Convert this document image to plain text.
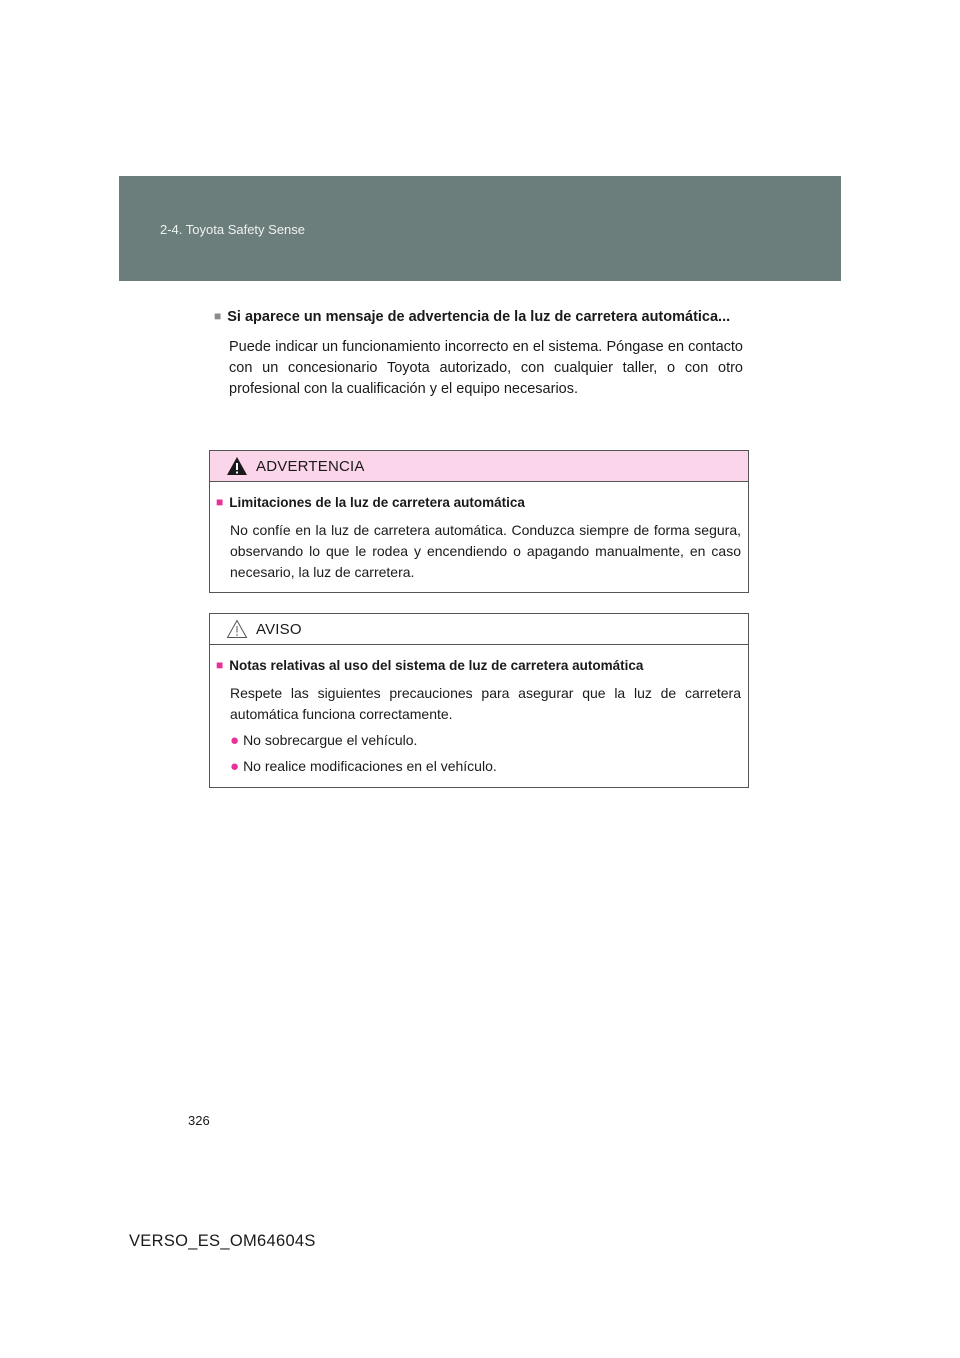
2-4. Toyota Safety Sense
■ Si aparece un mensaje de advertencia de la luz de carretera automática...
Puede indicar un funcionamiento incorrecto en el sistema. Póngase en contacto con un concesionario Toyota autorizado, con cualquier taller, o con otro profesional con la cualificación y el equipo necesarios.
ADVERTENCIA
■ Limitaciones de la luz de carretera automática
No confíe en la luz de carretera automática. Conduzca siempre de forma segura, observando lo que le rodea y encendiendo o apagando manualmente, en caso necesario, la luz de carretera.
AVISO
■ Notas relativas al uso del sistema de luz de carretera automática
Respete las siguientes precauciones para asegurar que la luz de carretera automática funciona correctamente.
● No sobrecargue el vehículo.
● No realice modificaciones en el vehículo.
326
VERSO_ES_OM64604S
